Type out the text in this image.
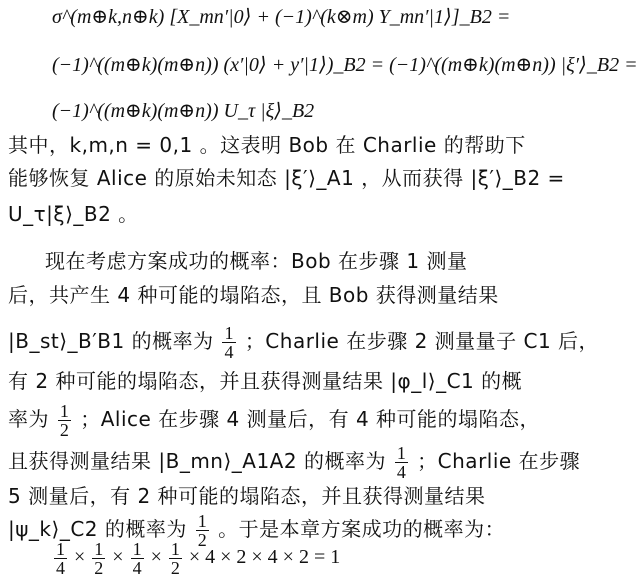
σ^(m⊕k,n⊕k) [X_mn′|0⟩ + (−1)^(k⊗m) Y_mn′|1⟩]_B2 =
(−1)^((m⊕k)(m⊕n)) (x′|0⟩ + y′|1⟩)_B2 = (−1)^((m⊕k)(m⊕n)) |ξ′⟩_B2 =
(−1)^((m⊕k)(m⊕n)) U_τ |ξ⟩_B2
其中，k,m,n = 0,1 。这表明 Bob 在 Charlie 的帮助下
能够恢复 Alice 的原始未知态 |ξ′⟩_A1 ，从而获得 |ξ′⟩_B2 =
U_τ|ξ⟩_B2 。
现在考虑方案成功的概率：Bob 在步骤 1 测量
后，共产生 4 种可能的塌陷态，且 Bob 获得测量结果
|B_st⟩_B′B1 的概率为 $\frac{1}{4}$ ；Charlie 在步骤 2 测量量子 C1 后，
有 2 种可能的塌陷态，并且获得测量结果 |φ_l⟩_C1 的概
率为 $\frac{1}{2}$ ；Alice 在步骤 4 测量后，有 4 种可能的塌陷态，
且获得测量结果 |B_mn⟩_A1A2 的概率为 $\frac{1}{4}$ ；Charlie 在步骤
5 测量后，有 2 种可能的塌陷态，并且获得测量结果
|ψ_k⟩_C2 的概率为 $\frac{1}{2}$ 。于是本章方案成功的概率为：
$\frac{1}{4} \times \frac{1}{2} \times \frac{1}{4} \times \frac{1}{2} \times 4 \times 2 \times 4 \times 2 = 1$
